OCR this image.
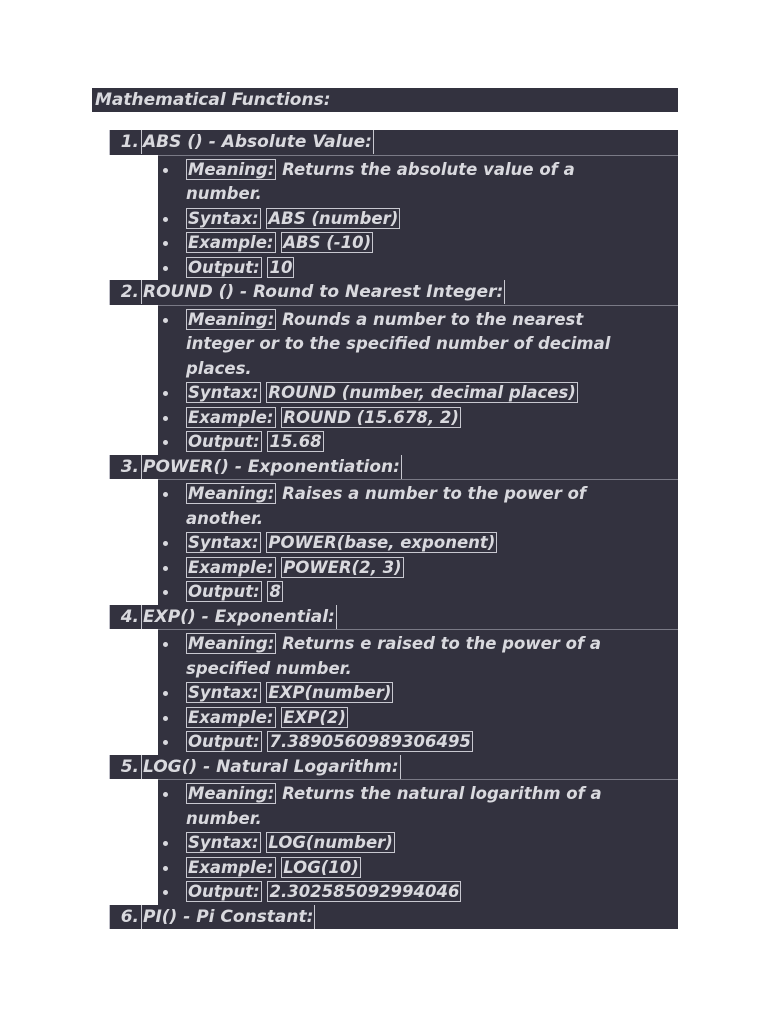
Mathematical Functions:
1. ABS () - Absolute Value:
Meaning: Returns the absolute value of a number.
Syntax: ABS (number)
Example: ABS (-10)
Output: 10
2. ROUND () - Round to Nearest Integer:
Meaning: Rounds a number to the nearest integer or to the specified number of decimal places.
Syntax: ROUND (number, decimal places)
Example: ROUND (15.678, 2)
Output: 15.68
3. POWER() - Exponentiation:
Meaning: Raises a number to the power of another.
Syntax: POWER(base, exponent)
Example: POWER(2, 3)
Output: 8
4. EXP() - Exponential:
Meaning: Returns e raised to the power of a specified number.
Syntax: EXP(number)
Example: EXP(2)
Output: 7.3890560989306495
5. LOG() - Natural Logarithm:
Meaning: Returns the natural logarithm of a number.
Syntax: LOG(number)
Example: LOG(10)
Output: 2.302585092994046
6. PI() - Pi Constant:
